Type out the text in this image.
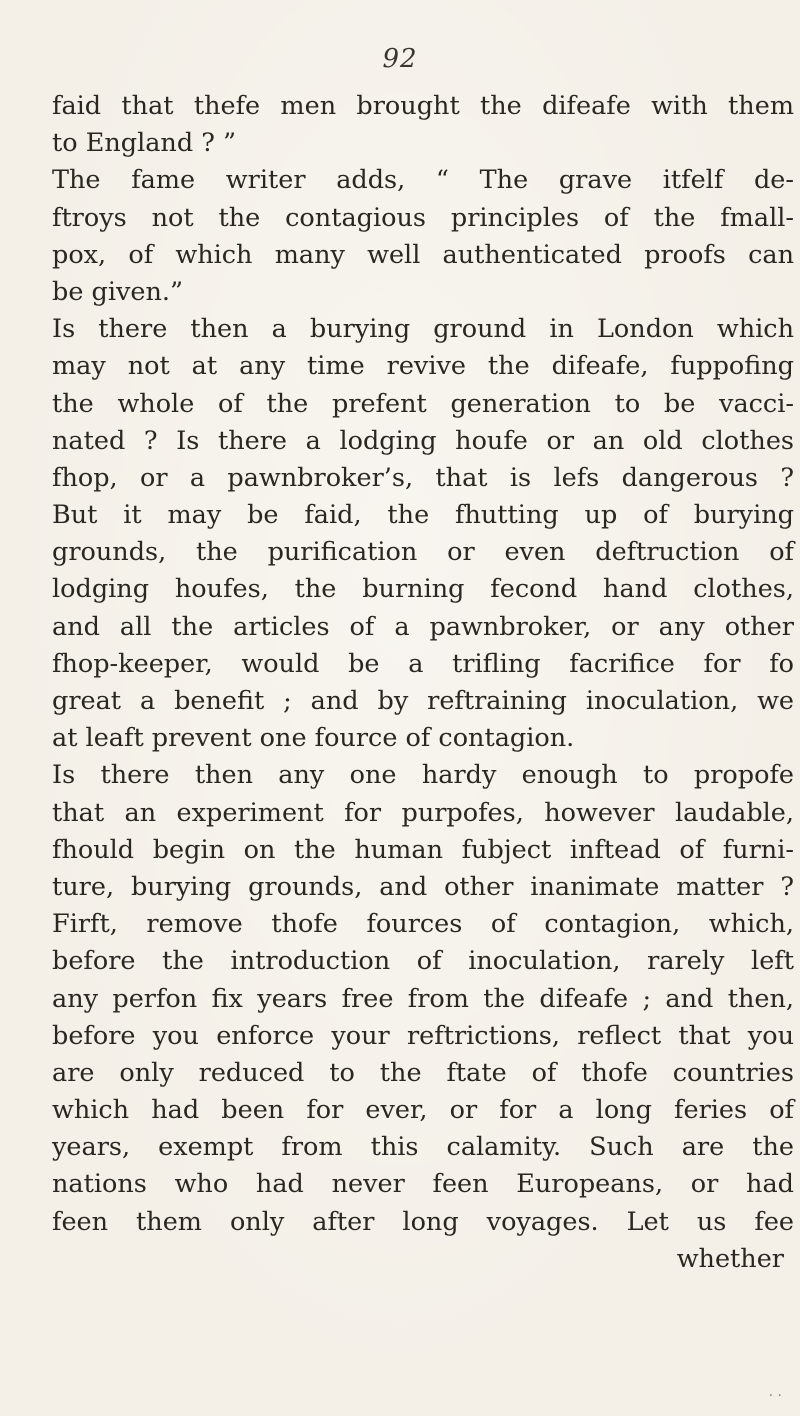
92
faid that thefe men brought the difeafe with them
to England ? ”
The fame writer adds, “ The grave itfelf de-
ftroys not the contagious principles of the fmall-
pox, of which many well authenticated proofs can
be given.”
Is there then a burying ground in London which
may not at any time revive the difeafe, fuppofing
the whole of the prefent generation to be vacci-
nated ? Is there a lodging houfe or an old clothes
fhop, or a pawnbroker’s, that is lefs dangerous ?
But it may be faid, the fhutting up of burying
grounds, the purification or even deftruction of
lodging houfes, the burning fecond hand clothes,
and all the articles of a pawnbroker, or any other
fhop-keeper, would be a trifling facrifice for fo
great a benefit ; and by reftraining inoculation, we
at leaft prevent one fource of contagion.
Is there then any one hardy enough to propofe
that an experiment for purpofes, however laudable,
fhould begin on the human fubject inftead of furni-
ture, burying grounds, and other inanimate matter ?
Firft, remove thofe fources of contagion, which,
before the introduction of inoculation, rarely left
any perfon fix years free from the difeafe ; and then,
before you enforce your reftrictions, reflect that you
are only reduced to the ftate of thofe countries
which had been for ever, or for a long feries of
years, exempt from this calamity. Such are the
nations who had never feen Europeans, or had
feen them only after long voyages. Let us fee
whether
· ·
